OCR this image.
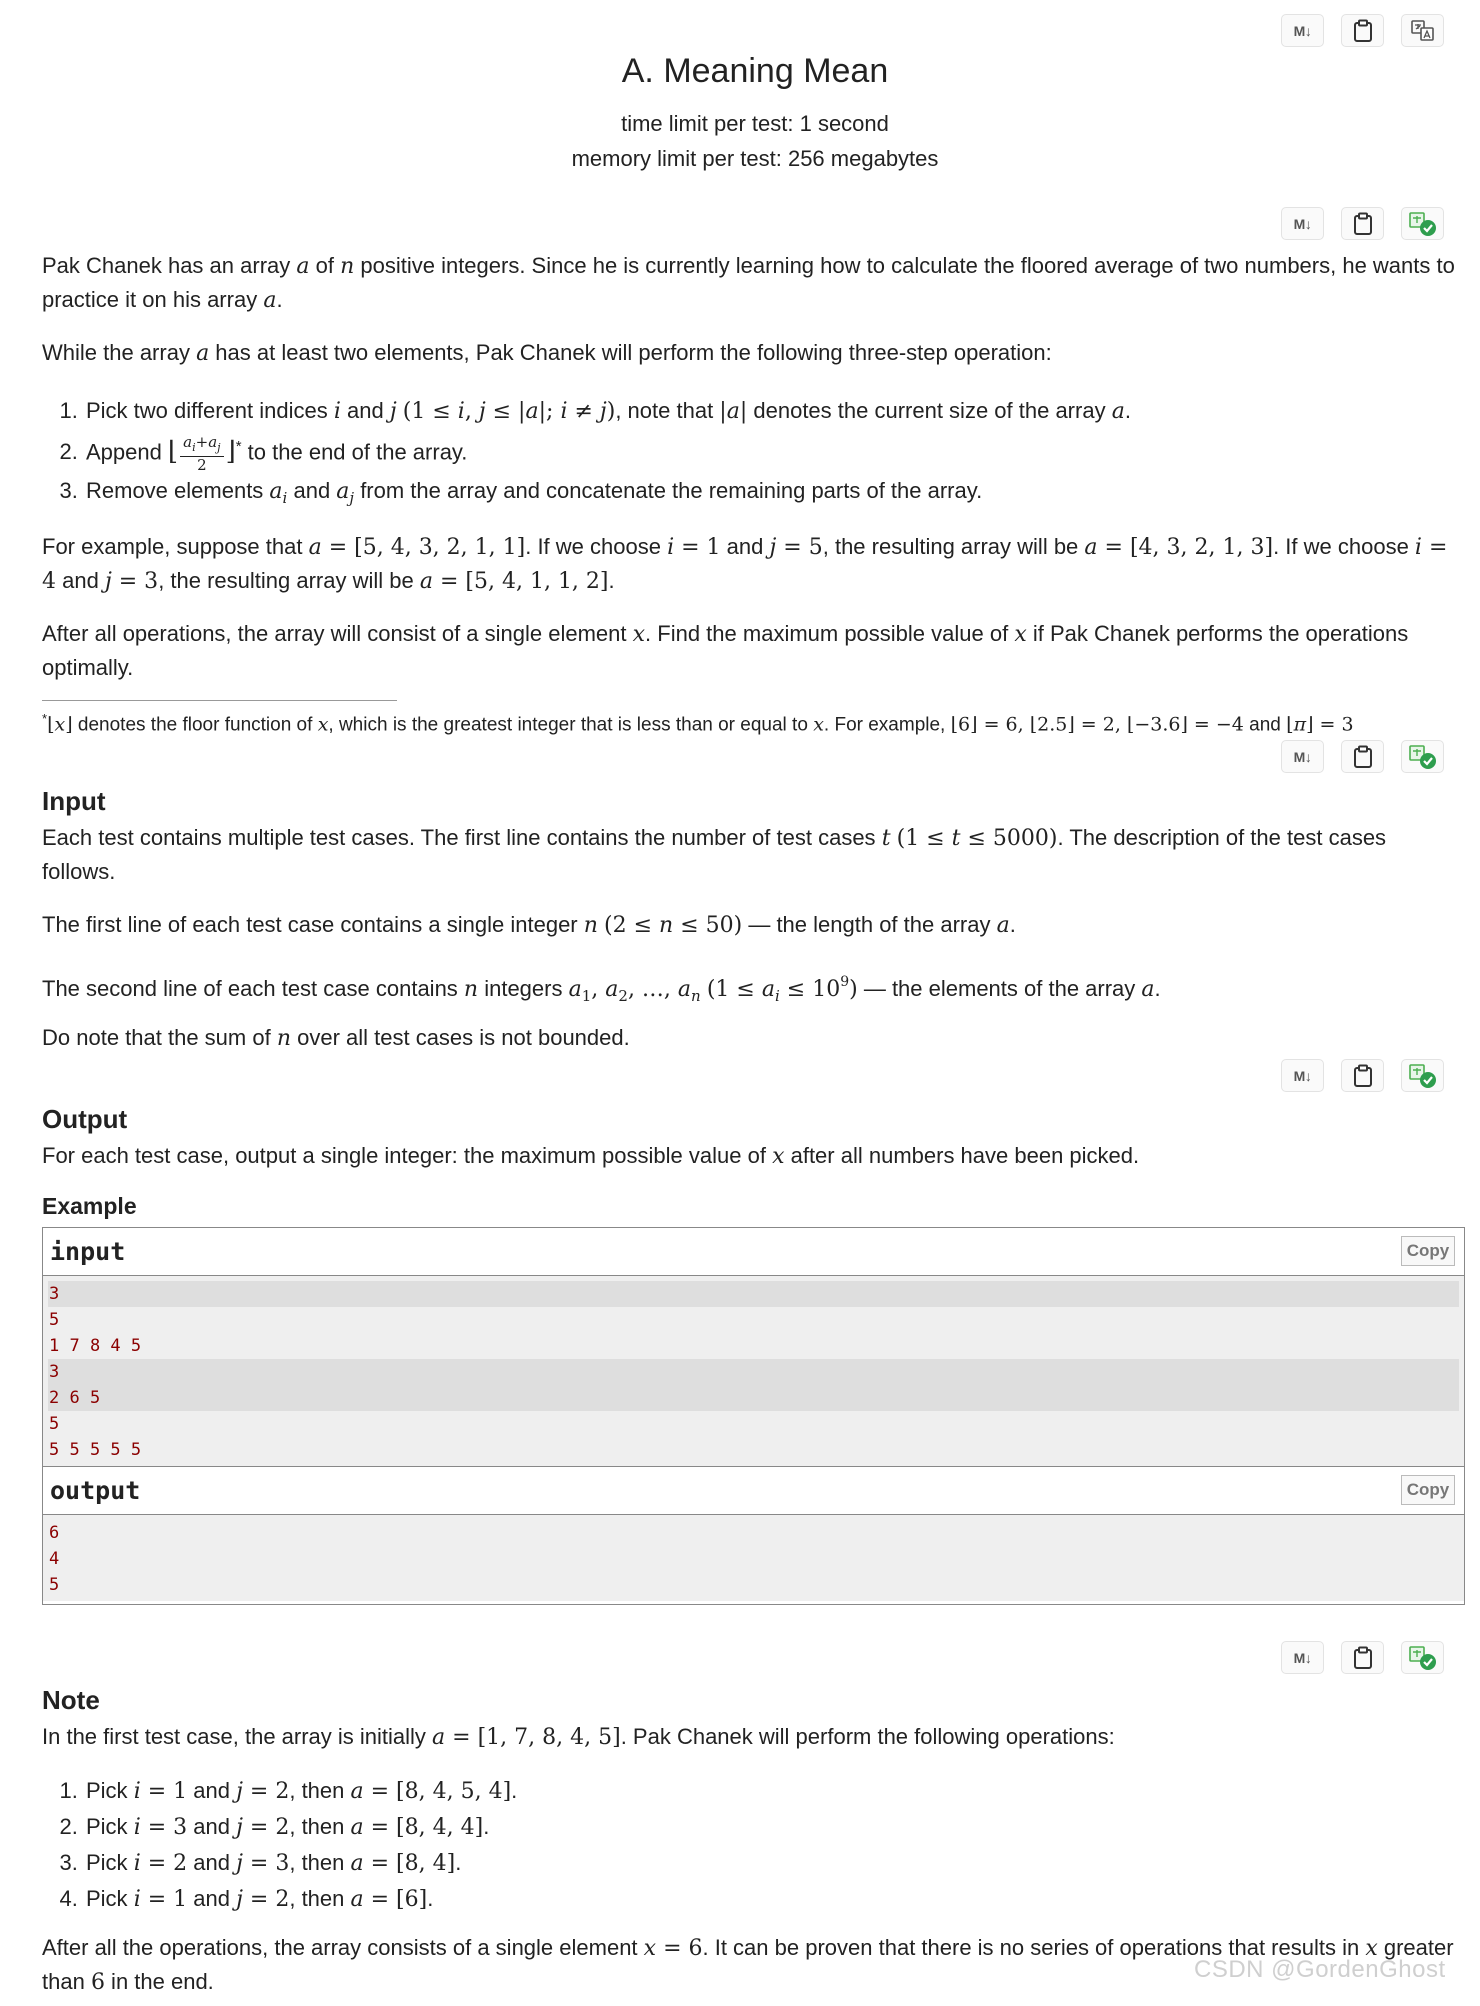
M↓
A. Meaning Mean
time limit per test: 1 second
memory limit per test: 256 megabytes
M↓
Pak Chanek has an array a of n positive integers. Since he is currently learning how to calculate the floored average of two numbers, he wants to practice it on his array a.
While the array a has at least two elements, Pak Chanek will perform the following three-step operation:
1. Pick two different indices i and j (1 ≤ i, j ≤ |a|; i ≠ j), note that |a| denotes the current size of the array a.
2. Append ⌊ $\frac{a_i+a_j}{2}$ ⌋* to the end of the array.
3. Remove elements $a_i$ and $a_j$ from the array and concatenate the remaining parts of the array.
For example, suppose that a = [5, 4, 3, 2, 1, 1]. If we choose i = 1 and j = 5, the resulting array will be a = [4, 3, 2, 1, 3]. If we choose i = 4 and j = 3, the resulting array will be a = [5, 4, 1, 1, 2].
After all operations, the array will consist of a single element x. Find the maximum possible value of x if Pak Chanek performs the operations optimally.
*⌊x⌋ denotes the floor function of x, which is the greatest integer that is less than or equal to x. For example, ⌊6⌋ = 6, ⌊2.5⌋ = 2, ⌊−3.6⌋ = −4 and ⌊π⌋ = 3
M↓
Input
Each test contains multiple test cases. The first line contains the number of test cases t (1 ≤ t ≤ 5000). The description of the test cases follows.
The first line of each test case contains a single integer n (2 ≤ n ≤ 50) — the length of the array a.
The second line of each test case contains n integers $a_1$, $a_2$, …, $a_n$ $(1 \le a_i \le 10^9)$ — the elements of the array a.
Do note that the sum of n over all test cases is not bounded.
M↓
Output
For each test case, output a single integer: the maximum possible value of x after all numbers have been picked.
Example
input	Copy
3
5
1 7 8 4 5
3
2 6 5
5
5 5 5 5 5
output	Copy
6
4
5
M↓
Note
In the first test case, the array is initially a = [1, 7, 8, 4, 5]. Pak Chanek will perform the following operations:
1. Pick i = 1 and j = 2, then a = [8, 4, 5, 4].
2. Pick i = 3 and j = 2, then a = [8, 4, 4].
3. Pick i = 2 and j = 3, then a = [8, 4].
4. Pick i = 1 and j = 2, then a = [6].
After all the operations, the array consists of a single element x = 6. It can be proven that there is no series of operations that results in x greater than 6 in the end.	CSDN @GordenGhost
